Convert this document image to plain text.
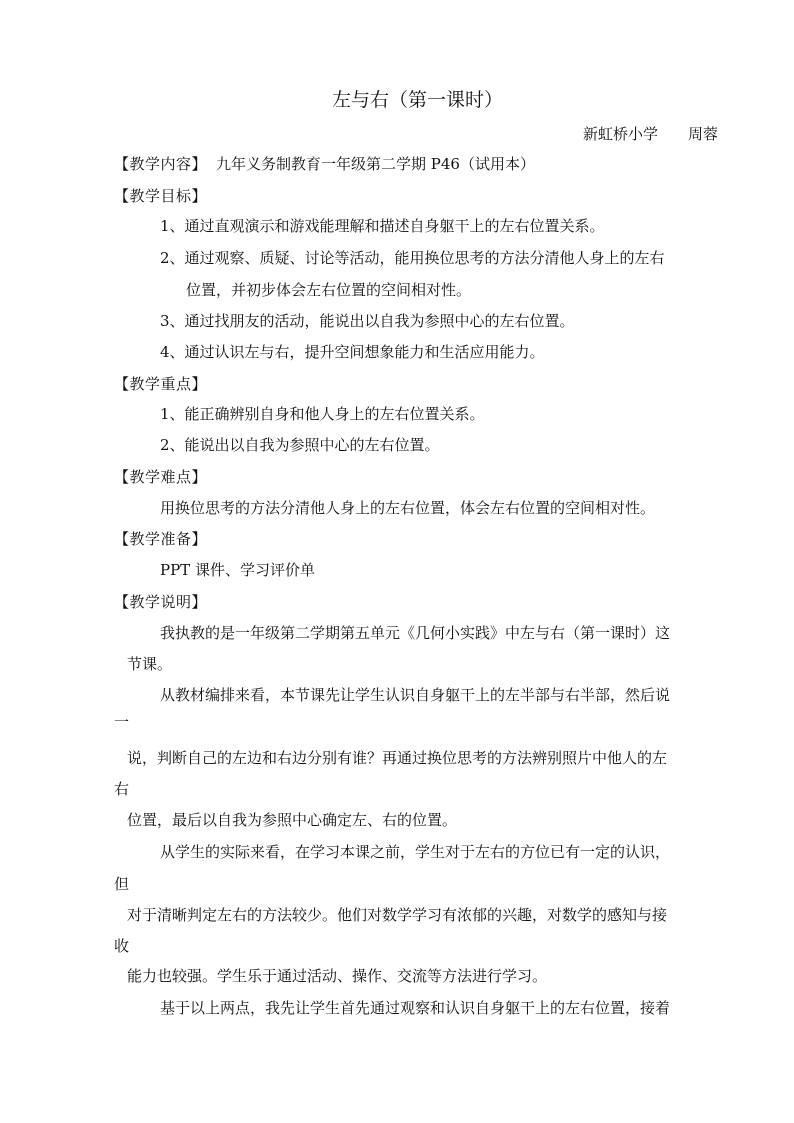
左与右（第一课时）
新虹桥小学　　周蓉
【教学内容】 九年义务制教育一年级第二学期 P46（试用本）
【教学目标】
1、通过直观演示和游戏能理解和描述自身躯干上的左右位置关系。
2、通过观察、质疑、讨论等活动，能用换位思考的方法分清他人身上的左右
位置，并初步体会左右位置的空间相对性。
3、通过找朋友的活动，能说出以自我为参照中心的左右位置。
4、通过认识左与右，提升空间想象能力和生活应用能力。
【教学重点】
1、能正确辨别自身和他人身上的左右位置关系。
2、能说出以自我为参照中心的左右位置。
【教学难点】
用换位思考的方法分清他人身上的左右位置，体会左右位置的空间相对性。
【教学准备】
PPT 课件、学习评价单
【教学说明】
我执教的是一年级第二学期第五单元《几何小实践》中左与右（第一课时）这
节课。
从教材编排来看，本节课先让学生认识自身躯干上的左半部与右半部，然后说
一
说，判断自己的左边和右边分别有谁？再通过换位思考的方法辨别照片中他人的左
右
位置，最后以自我为参照中心确定左、右的位置。
从学生的实际来看，在学习本课之前，学生对于左右的方位已有一定的认识，
但
对于清晰判定左右的方法较少。他们对数学学习有浓郁的兴趣，对数学的感知与接
收
能力也较强。学生乐于通过活动、操作、交流等方法进行学习。
基于以上两点，我先让学生首先通过观察和认识自身躯干上的左右位置，接着
